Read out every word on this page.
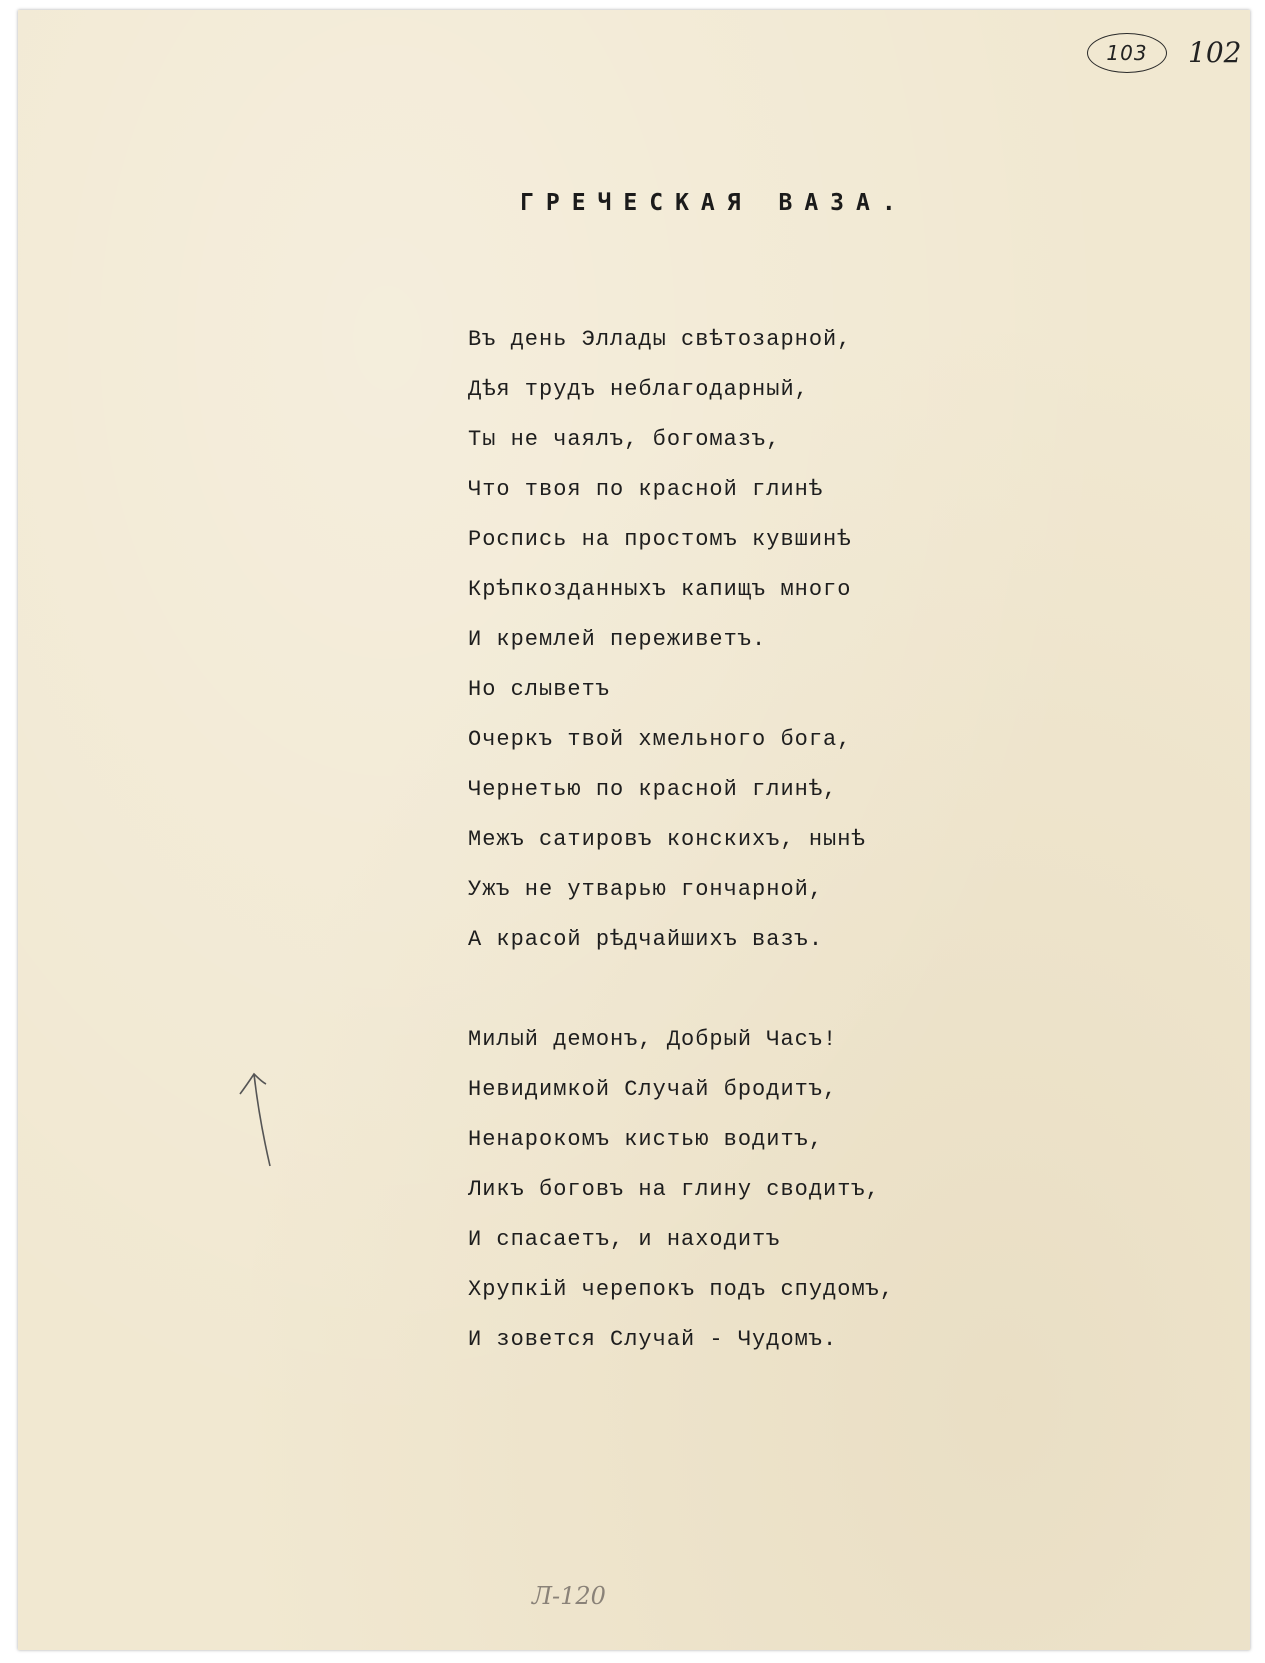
103	102
ГРЕЧЕСКАЯ ВАЗА.
Въ день Эллады свѣтозарной,
Дѣя трудъ неблагодарный,
Ты не чаялъ, богомазъ,
Что твоя по красной глинѣ
Роспись на простомъ кувшинѣ
Крѣпкозданныхъ капищъ много
И кремлей переживетъ.
Но слыветъ
Очеркъ твой хмельного бога,
Чернетью по красной глинѣ,
Межъ сатировъ конскихъ, нынѣ
Ужъ не утварью гончарной,
А красой рѣдчайшихъ вазъ.
Милый демонъ, Добрый Часъ!
Невидимкой Случай бродитъ,
Ненарокомъ кистью водитъ,
Ликъ боговъ на глину сводитъ,
И спасаетъ, и находитъ
Хрупкій черепокъ подъ спудомъ,
И зовется Случай - Чудомъ.
Л-120
